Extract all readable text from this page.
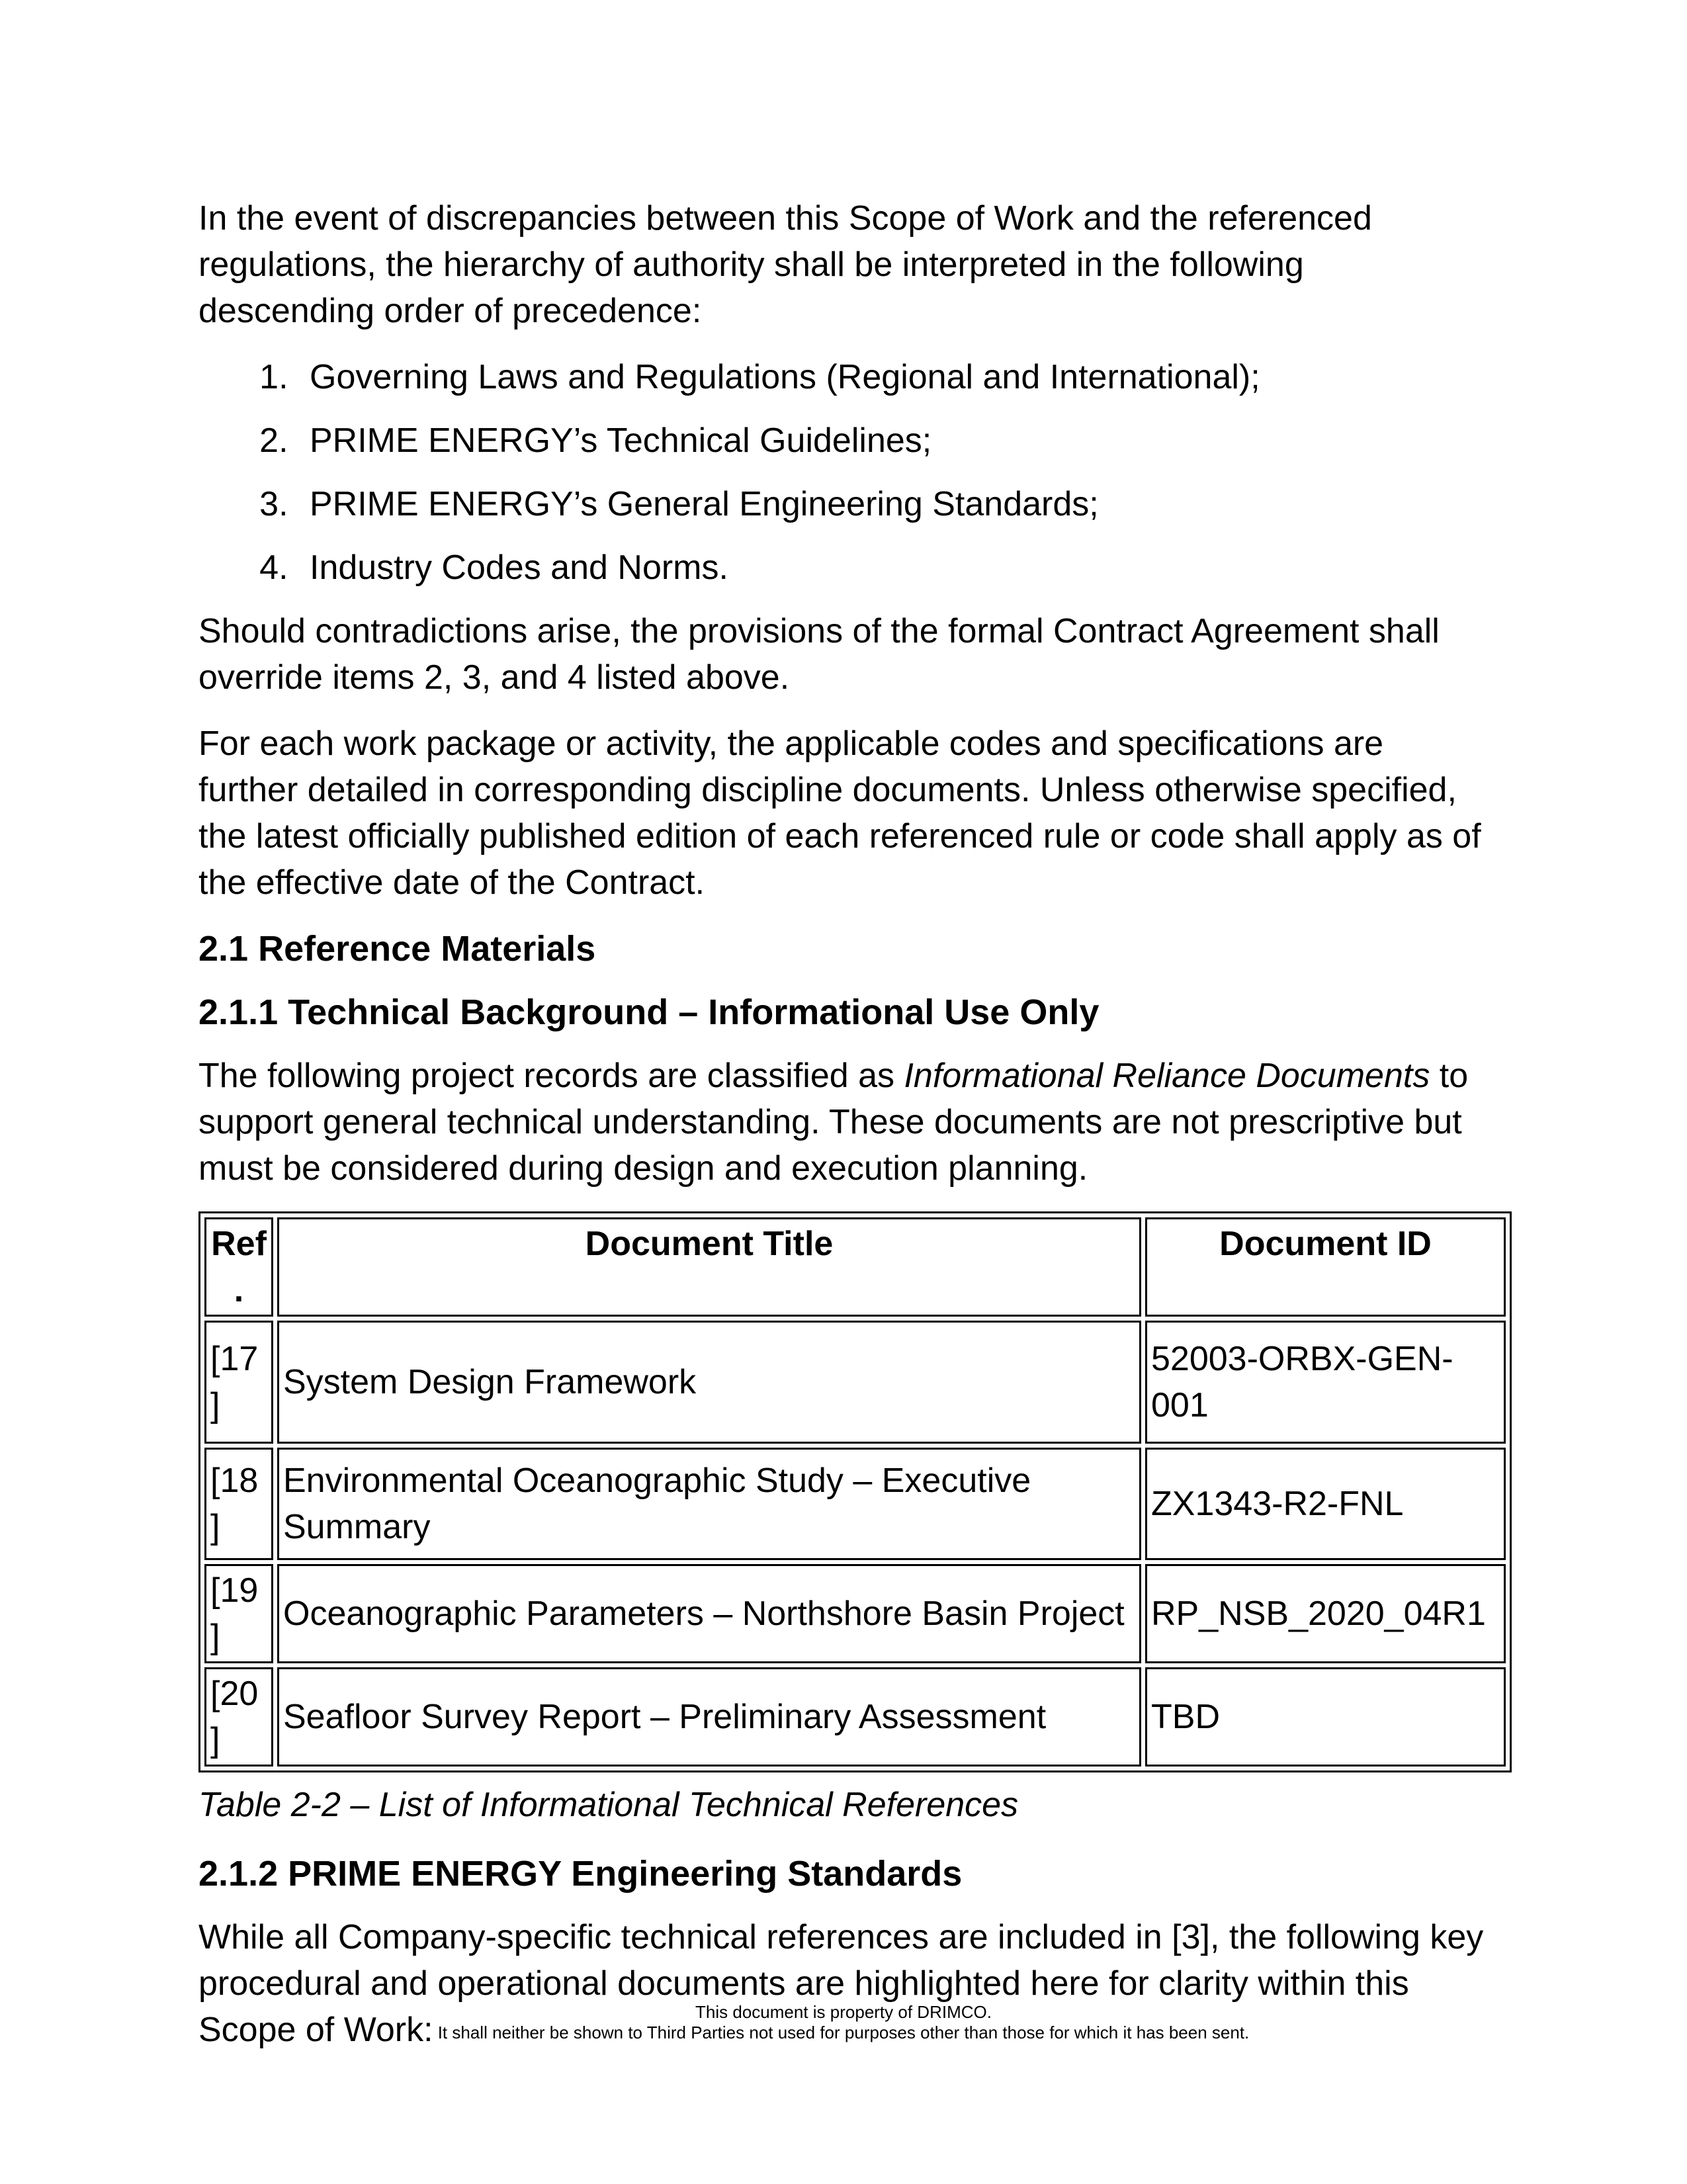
In the event of discrepancies between this Scope of Work and the referenced regulations, the hierarchy of authority shall be interpreted in the following descending order of precedence:

1. Governing Laws and Regulations (Regional and International);
2. PRIME ENERGY’s Technical Guidelines;
3. PRIME ENERGY’s General Engineering Standards;
4. Industry Codes and Norms.

Should contradictions arise, the provisions of the formal Contract Agreement shall override items 2, 3, and 4 listed above.

For each work package or activity, the applicable codes and specifications are further detailed in corresponding discipline documents. Unless otherwise specified, the latest officially published edition of each referenced rule or code shall apply as of the effective date of the Contract.

2.1 Reference Materials
2.1.1 Technical Background – Informational Use Only

The following project records are classified as Informational Reliance Documents to support general technical understanding. These documents are not prescriptive but must be considered during design and execution planning.

Ref.	Document Title	Document ID
[17]	System Design Framework	52003-ORBX-GEN-001
[18]	Environmental Oceanographic Study – Executive Summary	ZX1343-R2-FNL
[19]	Oceanographic Parameters – Northshore Basin Project	RP_NSB_2020_04R1
[20]	Seafloor Survey Report – Preliminary Assessment	TBD

Table 2-2 – List of Informational Technical References

2.1.2 PRIME ENERGY Engineering Standards

While all Company-specific technical references are included in [3], the following key procedural and operational documents are highlighted here for clarity within this Scope of Work:	This document is property of DRIMCO.
It shall neither be shown to Third Parties not used for purposes other than those for which it has been sent.
